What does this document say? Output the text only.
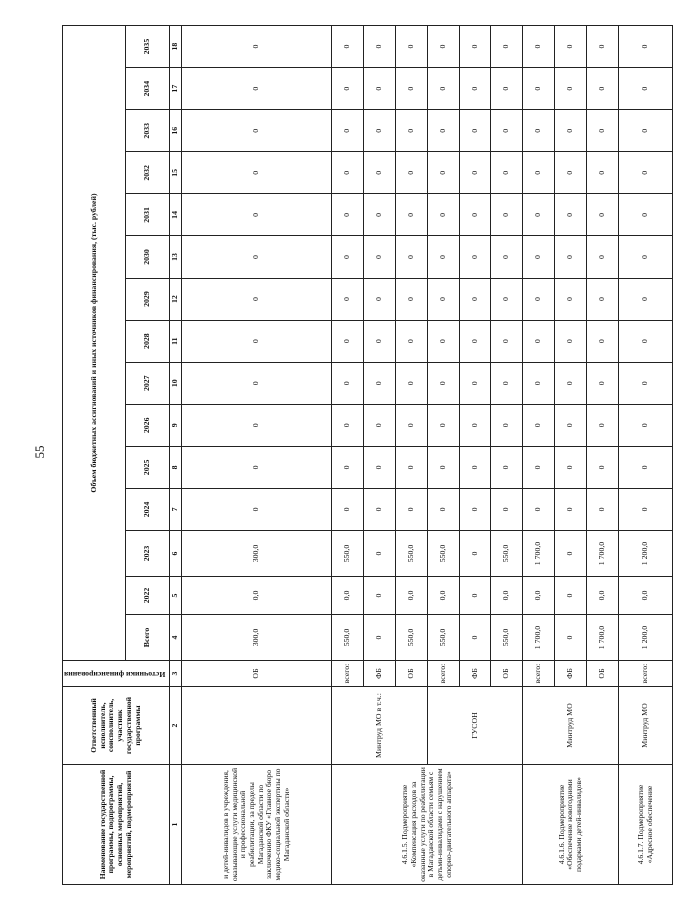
55
Наименование государственной программы, подпрограммы, основных мероприятий, мероприятий, подмероприятий	Ответственный исполнитель, соисполнитель, участник государственной программы	Источники финансирования	Объем бюджетных ассигнований и иных источников финансирования, (тыс. рублей)														
			Всего	2022	2023	2024	2025	2026	2027	2028	2029	2030	2031	2032	2033	2034	2035
1	2	3	4	5	6	7	8	9	10	11	12	13	14	15	16	17	18
и детей-инвалидов в учреждения, оказывающие услуги медицинской и профессиональной реабилитации, за пределы Магаданской области по заключению ФКУ «Главное бюро медико-социальной экспертизы по Магаданской области»		ОБ	300,0	0,0	300,0	0	0	0	0	0	0	0	0	0	0	0	0
4.6.1.5. Подмероприятие «Компенсация расходов за оказанные услуги по реабилитации в Магаданской области семьям с детьми-инвалидами с нарушением опорно-двигательного аппарата»	Минтруд МО в т.ч.:	всего:	550,0	0,0	550,0	0	0	0	0	0	0	0	0	0	0	0	0
		ФБ	0	0	0	0	0	0	0	0	0	0	0	0	0	0	0
		ОБ	550,0	0,0	550,0	0	0	0	0	0	0	0	0	0	0	0	0
	ГУСОН	всего:	550,0	0,0	550,0	0	0	0	0	0	0	0	0	0	0	0	0
		ФБ	0	0	0	0	0	0	0	0	0	0	0	0	0	0	0
		ОБ	550,0	0,0	550,0	0	0	0	0	0	0	0	0	0	0	0	0
4.6.1.6. Подмероприятие «Обеспечение новогодними подарками детей-инвалидов»	Минтруд МО	всего:	1 700,0	0,0	1 700,0	0	0	0	0	0	0	0	0	0	0	0	0
		ФБ	0	0	0	0	0	0	0	0	0	0	0	0	0	0	0
		ОБ	1 700,0	0,0	1 700,0	0	0	0	0	0	0	0	0	0	0	0	0
4.6.1.7. Подмероприятие «Адресное обеспечение	Минтруд МО	всего:	1 200,0	0,0	1 200,0	0	0	0	0	0	0	0	0	0	0	0	0
